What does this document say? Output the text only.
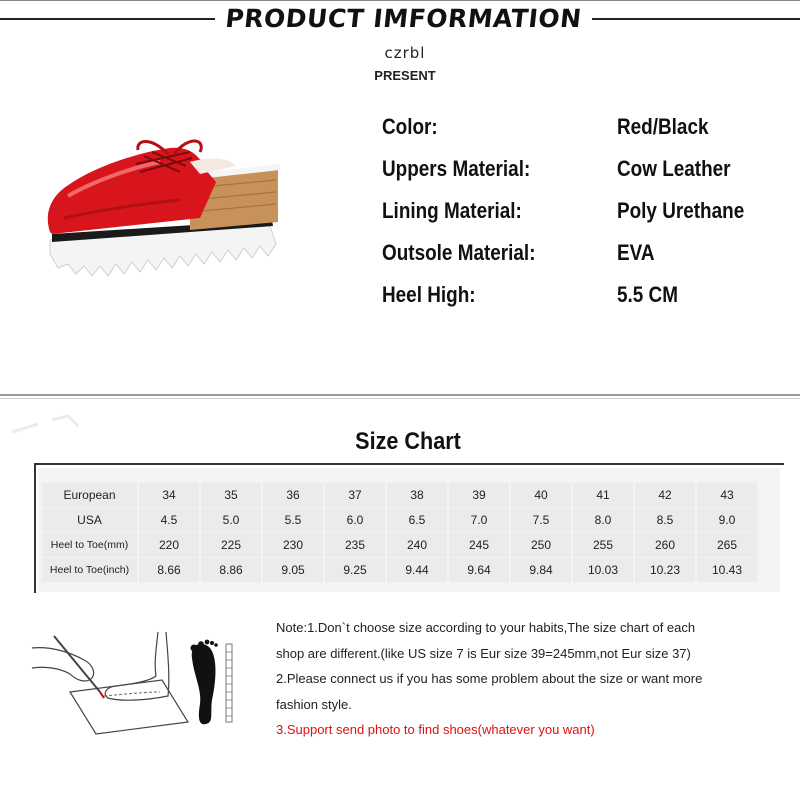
PRODUCT IMFORMATION
czrbl
PRESENT
Color:	Red/Black
Uppers Material:	Cow Leather
Lining Material:	Poly Urethane
Outsole Material:	EVA
Heel High:	5.5 CM
Size Chart
European	34	35	36	37	38	39	40	41	42	43
USA	4.5	5.0	5.5	6.0	6.5	7.0	7.5	8.0	8.5	9.0
Heel to Toe(mm)	220	225	230	235	240	245	250	255	260	265
Heel to Toe(inch)	8.66	8.86	9.05	9.25	9.44	9.64	9.84	10.03	10.23	10.43
Note:1.Don`t choose size according to your habits,The size chart of each
shop are different.(like US size 7 is Eur size 39=245mm,not Eur size 37)
2.Please connect us if you has some problem about the size or want more
fashion style.
3.Support send photo to find shoes(whatever you want)
